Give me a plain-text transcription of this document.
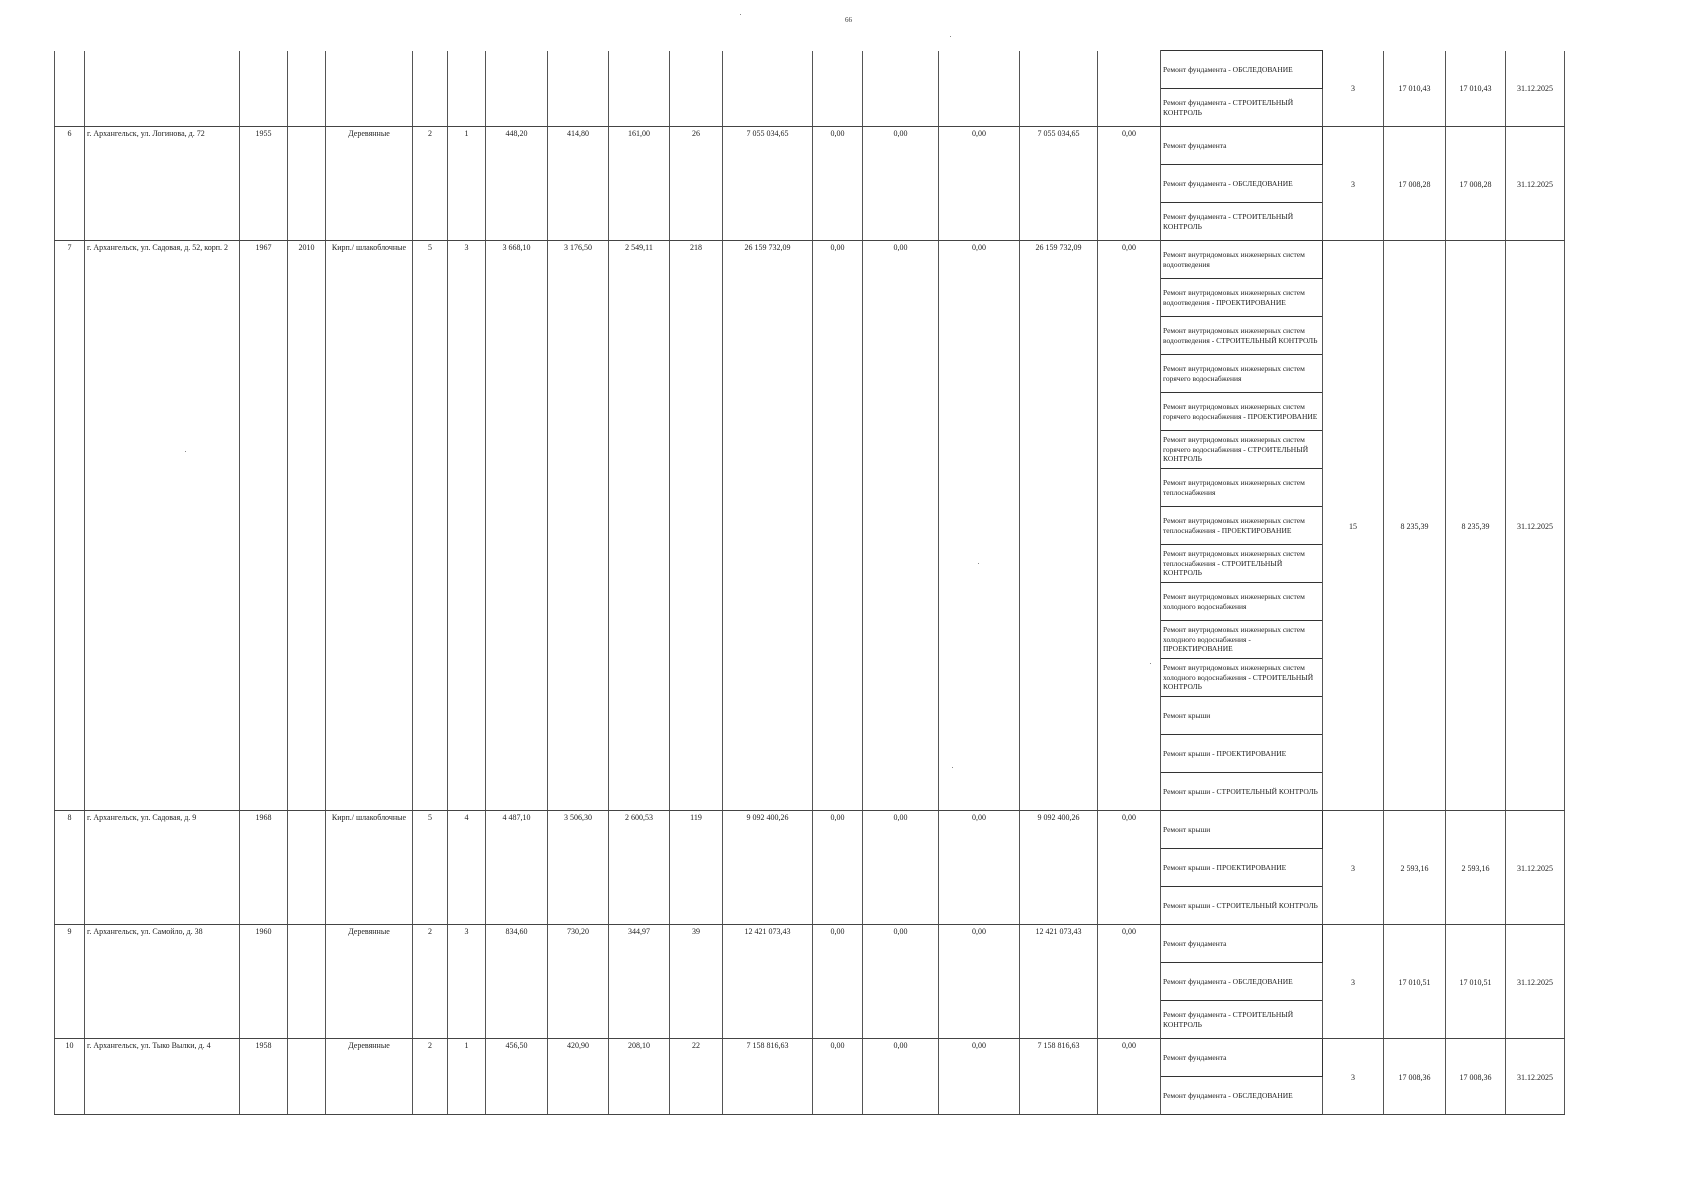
66
																	Ремонт фундамента - ОБСЛЕДОВАНИЕ	3	17 010,43	17 010,43	31.12.2025
																	Ремонт фундамента - СТРОИТЕЛЬНЫЙ КОНТРОЛЬ				
6	г. Архангельск, ул. Логинова, д. 72	1955		Деревянные	2	1	448,20	414,80	161,00	26	7 055 034,65	0,00	0,00	0,00	7 055 034,65	0,00	Ремонт фундамента	3	17 008,28	17 008,28	31.12.2025
																	Ремонт фундамента - ОБСЛЕДОВАНИЕ				
																	Ремонт фундамента - СТРОИТЕЛЬНЫЙ КОНТРОЛЬ				
7	г. Архангельск, ул. Садовая, д. 52, корп. 2	1967	2010	Кирп./ шлакоблочные	5	3	3 668,10	3 176,50	2 549,11	218	26 159 732,09	0,00	0,00	0,00	26 159 732,09	0,00	Ремонт внутридомовых инженерных систем водоотведения	15	8 235,39	8 235,39	31.12.2025
																	Ремонт внутридомовых инженерных систем водоотведения - ПРОЕКТИРОВАНИЕ				
																	Ремонт внутридомовых инженерных систем водоотведения - СТРОИТЕЛЬНЫЙ КОНТРОЛЬ				
																	Ремонт внутридомовых инженерных систем горячего водоснабжения				
																	Ремонт внутридомовых инженерных систем горячего водоснабжения - ПРОЕКТИРОВАНИЕ				
																	Ремонт внутридомовых инженерных систем горячего водоснабжения - СТРОИТЕЛЬНЫЙ КОНТРОЛЬ				
																	Ремонт внутридомовых инженерных систем теплоснабжения				
																	Ремонт внутридомовых инженерных систем теплоснабжения - ПРОЕКТИРОВАНИЕ				
																	Ремонт внутридомовых инженерных систем теплоснабжения - СТРОИТЕЛЬНЫЙ КОНТРОЛЬ				
																	Ремонт внутридомовых инженерных систем холодного водоснабжения				
																	Ремонт внутридомовых инженерных систем холодного водоснабжения - ПРОЕКТИРОВАНИЕ				
																	Ремонт внутридомовых инженерных систем холодного водоснабжения - СТРОИТЕЛЬНЫЙ КОНТРОЛЬ				
																	Ремонт крыши				
																	Ремонт крыши - ПРОЕКТИРОВАНИЕ				
																	Ремонт крыши - СТРОИТЕЛЬНЫЙ КОНТРОЛЬ				
8	г. Архангельск, ул. Садовая, д. 9	1968		Кирп./ шлакоблочные	5	4	4 487,10	3 506,30	2 600,53	119	9 092 400,26	0,00	0,00	0,00	9 092 400,26	0,00	Ремонт крыши	3	2 593,16	2 593,16	31.12.2025
																	Ремонт крыши - ПРОЕКТИРОВАНИЕ				
																	Ремонт крыши - СТРОИТЕЛЬНЫЙ КОНТРОЛЬ				
9	г. Архангельск, ул. Самойло, д. 38	1960		Деревянные	2	3	834,60	730,20	344,97	39	12 421 073,43	0,00	0,00	0,00	12 421 073,43	0,00	Ремонт фундамента	3	17 010,51	17 010,51	31.12.2025
																	Ремонт фундамента - ОБСЛЕДОВАНИЕ				
																	Ремонт фундамента - СТРОИТЕЛЬНЫЙ КОНТРОЛЬ				
10	г. Архангельск, ул. Тыко Вылки, д. 4	1958		Деревянные	2	1	456,50	420,90	208,10	22	7 158 816,63	0,00	0,00	0,00	7 158 816,63	0,00	Ремонт фундамента	3	17 008,36	17 008,36	31.12.2025
																	Ремонт фундамента - ОБСЛЕДОВАНИЕ				
